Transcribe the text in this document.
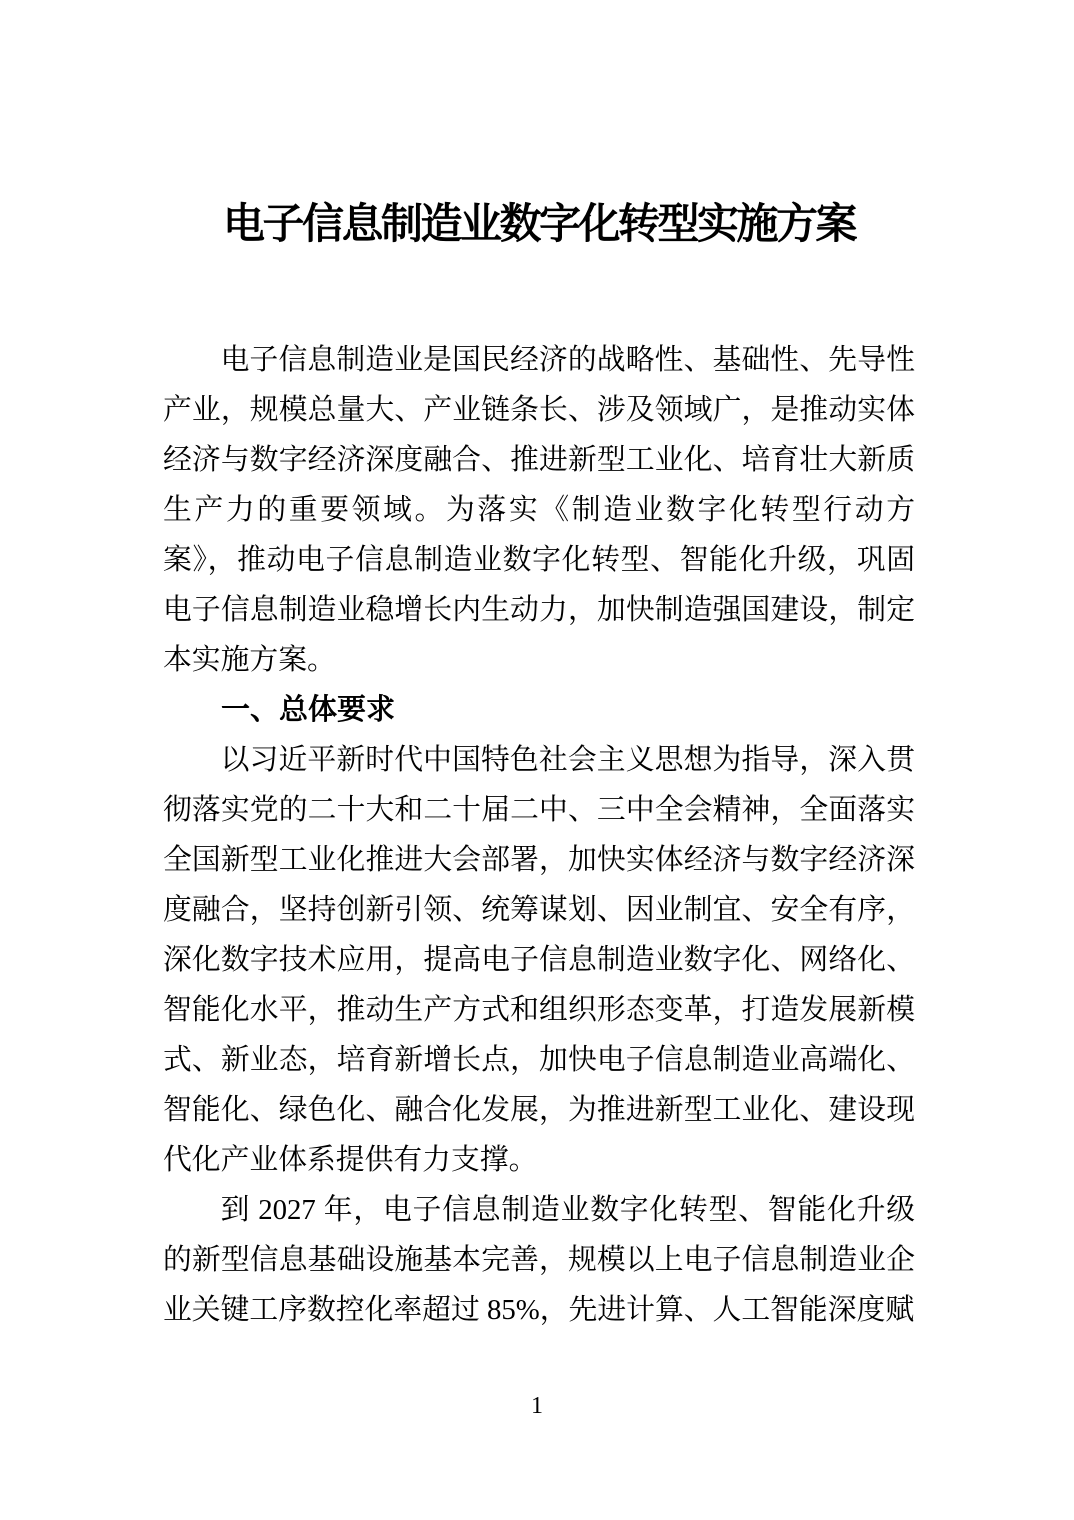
电子信息制造业数字化转型实施方案

电子信息制造业是国民经济的战略性、基础性、先导性产业，规模总量大、产业链条长、涉及领域广，是推动实体经济与数字经济深度融合、推进新型工业化、培育壮大新质生产力的重要领域。为落实《制造业数字化转型行动方案》，推动电子信息制造业数字化转型、智能化升级，巩固电子信息制造业稳增长内生动力，加快制造强国建设，制定本实施方案。

一、总体要求

以习近平新时代中国特色社会主义思想为指导，深入贯彻落实党的二十大和二十届二中、三中全会精神，全面落实全国新型工业化推进大会部署，加快实体经济与数字经济深度融合，坚持创新引领、统筹谋划、因业制宜、安全有序，深化数字技术应用，提高电子信息制造业数字化、网络化、智能化水平，推动生产方式和组织形态变革，打造发展新模式、新业态，培育新增长点，加快电子信息制造业高端化、智能化、绿色化、融合化发展，为推进新型工业化、建设现代化产业体系提供有力支撑。

到 2027 年，电子信息制造业数字化转型、智能化升级的新型信息基础设施基本完善，规模以上电子信息制造业企业关键工序数控化率超过 85%，先进计算、人工智能深度赋

1
